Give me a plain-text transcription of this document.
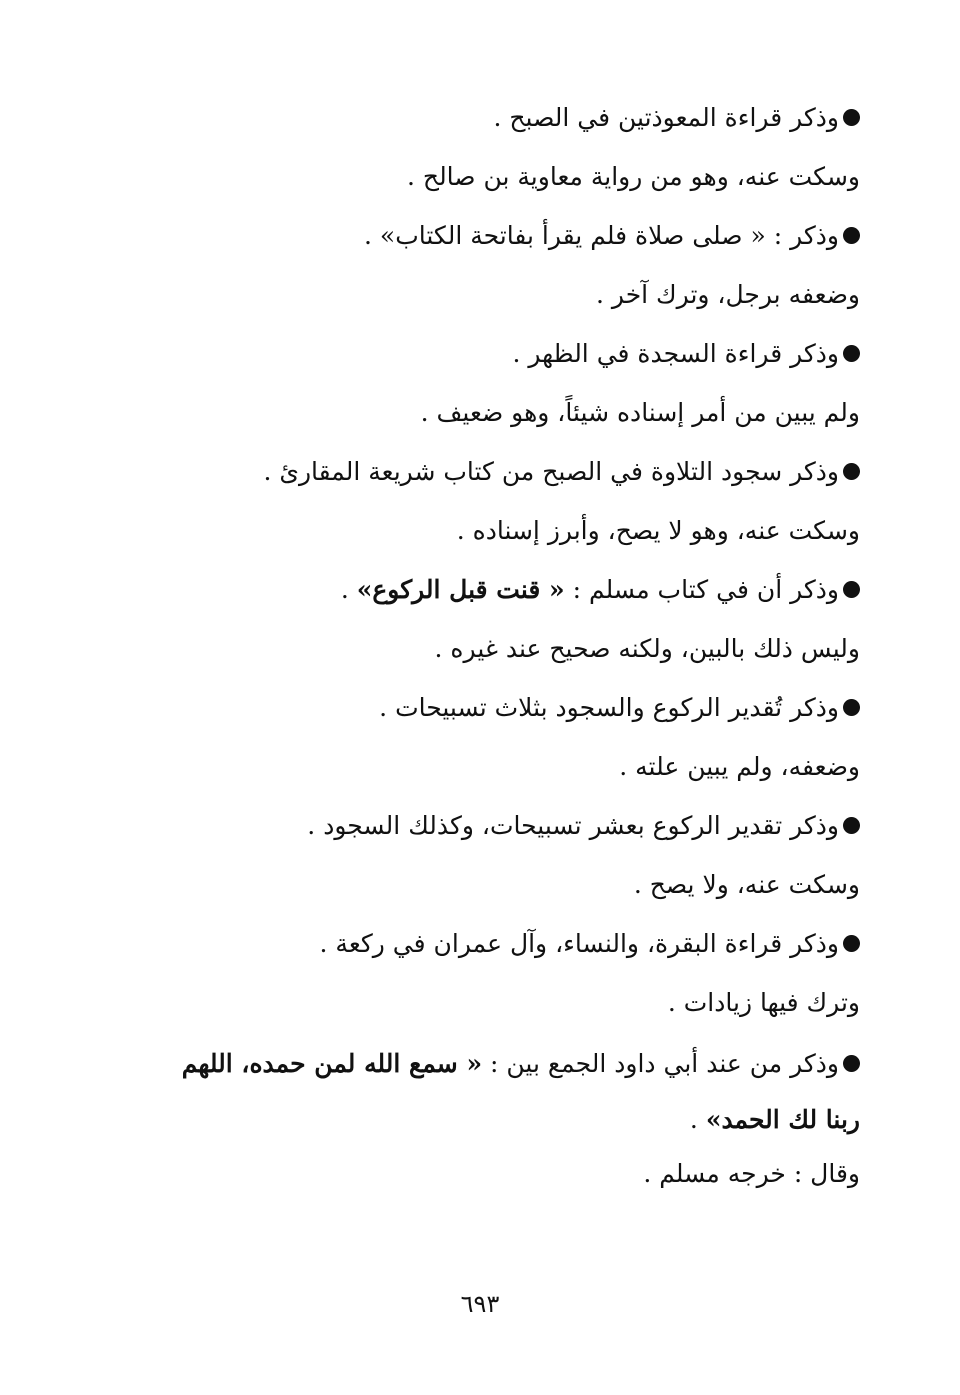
وذكر قراءة المعوذتين في الصبح .
وسكت عنه، وهو من رواية معاوية بن صالح .
وذكر : « صلى صلاة فلم يقرأ بفاتحة الكتاب» .
وضعفه برجل، وترك آخر .
وذكر قراءة السجدة في الظهر .
ولم يبين من أمر إسناده شيئاً، وهو ضعيف .
وذكر سجود التلاوة في الصبح من كتاب شريعة المقارئ .
وسكت عنه، وهو لا يصح، وأبرز إسناده .
وذكر أن في كتاب مسلم : « قنت قبل الركوع» .
وليس ذلك بالبين، ولكنه صحيح عند غيره .
وذكر تُقدير الركوع والسجود بثلاث تسبيحات .
وضعفه، ولم يبين علته .
وذكر تقدير الركوع بعشر تسبيحات، وكذلك السجود .
وسكت عنه، ولا يصح .
وذكر قراءة البقرة، والنساء، وآل عمران في ركعة .
وترك فيها زيادات .
وذكر من عند أبي داود الجمع بين : « سمع الله لمن حمده، اللهم ربنا لك الحمد» .
وقال : خرجه مسلم .
٦٩٣
